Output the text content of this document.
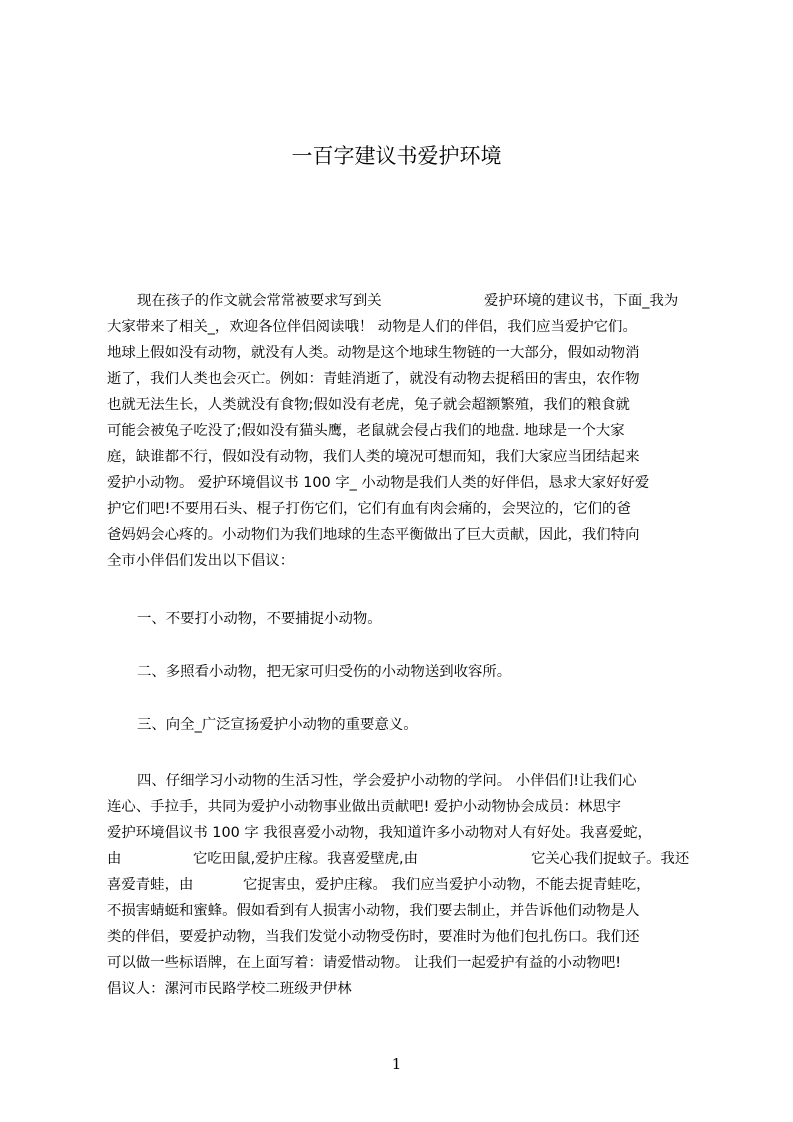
一百字建议书爱护环境
现在孩子的作文就会常常被要求写到关	爱护环境的建议书，下面_我为
大家带来了相关_，欢迎各位伴侣阅读哦！ 动物是人们的伴侣，我们应当爱护它们。
地球上假如没有动物，就没有人类。动物是这个地球生物链的一大部分，假如动物消
逝了，我们人类也会灭亡。例如：青蛙消逝了，就没有动物去捉稻田的害虫，农作物
也就无法生长，人类就没有食物;假如没有老虎，兔子就会超额繁殖，我们的粮食就
可能会被兔子吃没了;假如没有猫头鹰，老鼠就会侵占我们的地盘. 地球是一个大家
庭，缺谁都不行，假如没有动物，我们人类的境况可想而知，我们大家应当团结起来
爱护小动物。 爱护环境倡议书 100 字_ 小动物是我们人类的好伴侣，恳求大家好好爱
护它们吧!不要用石头、棍子打伤它们，它们有血有肉会痛的，会哭泣的，它们的爸
爸妈妈会心疼的。小动物们为我们地球的生态平衡做出了巨大贡献，因此，我们特向
全市小伴侣们发出以下倡议：
一、不要打小动物，不要捕捉小动物。
二、多照看小动物，把无家可归受伤的小动物送到收容所。
三、向全_广泛宣扬爱护小动物的重要意义。
四、仔细学习小动物的生活习性，学会爱护小动物的学问。 小伴侣们!让我们心
连心、手拉手，共同为爱护小动物事业做出贡献吧! 爱护小动物协会成员：林思宇
爱护环境倡议书 100 字 我很喜爱小动物，我知道许多小动物对人有好处。我喜爱蛇，
由	它吃田鼠,爱护庄稼。我喜爱壁虎,由	它关心我们捉蚊子。我还
喜爱青蛙，由	它捉害虫，爱护庄稼。 我们应当爱护小动物，不能去捉青蛙吃，
不损害蜻蜓和蜜蜂。假如看到有人损害小动物，我们要去制止，并告诉他们动物是人
类的伴侣，要爱护动物，当我们发觉小动物受伤时，要准时为他们包扎伤口。我们还
可以做一些标语牌，在上面写着：请爱惜动物。 让我们一起爱护有益的小动物吧!
倡议人：漯河市民路学校二班级尹伊林
1
